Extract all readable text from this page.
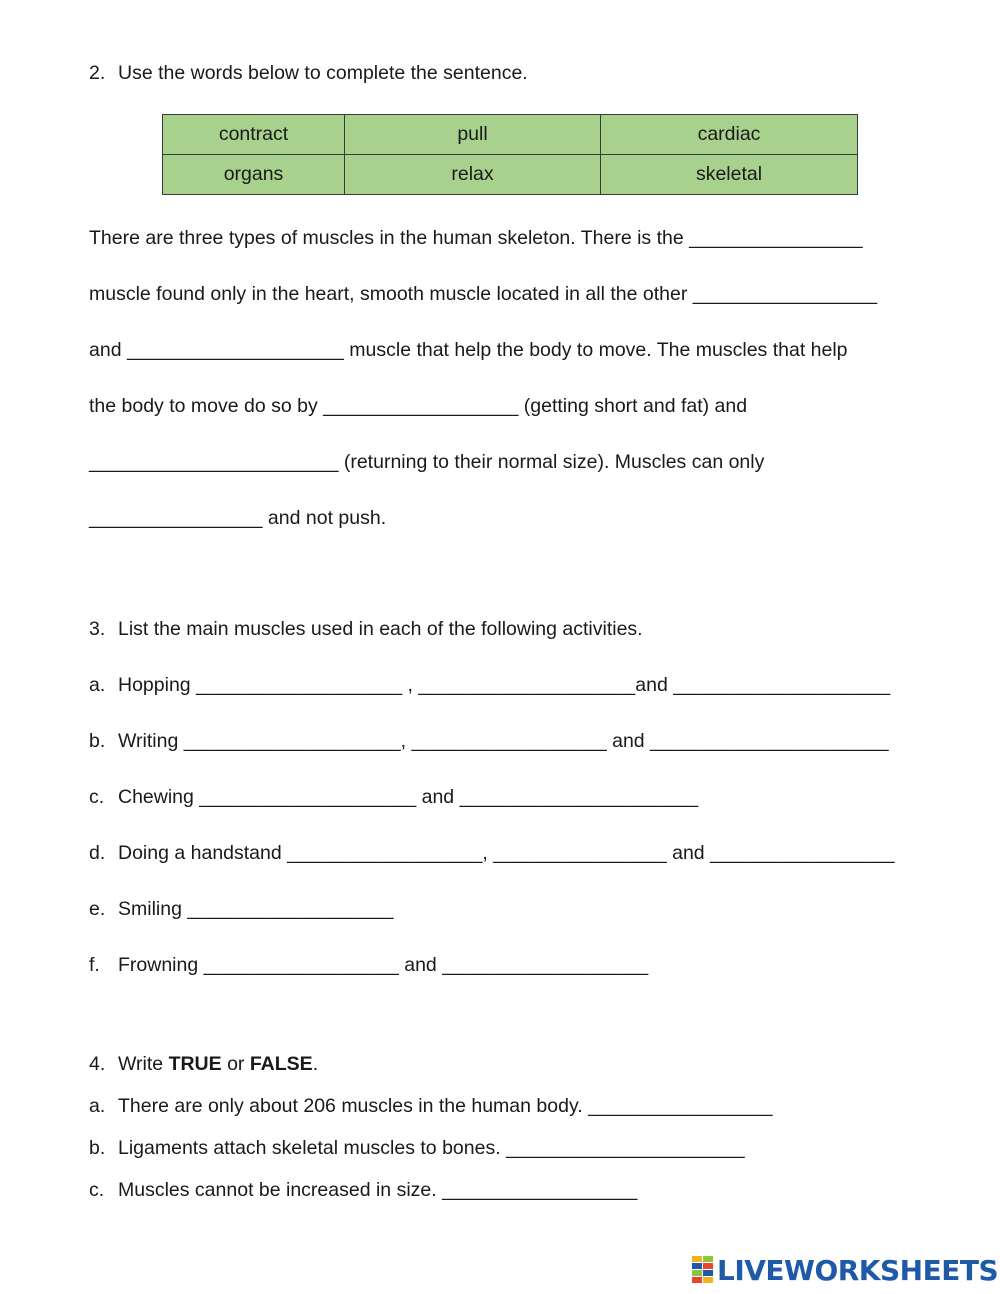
2. Use the words below to complete the sentence.
contract	pull	cardiac
organs	relax	skeletal
There are three types of muscles in the human skeleton. There is the ________________
muscle found only in the heart, smooth muscle located in all the other _________________
and ____________________ muscle that help the body to move. The muscles that help
the body to move do so by __________________ (getting short and fat) and
_______________________ (returning to their normal size). Muscles can only
________________ and not push.
3. List the main muscles used in each of the following activities.
a. Hopping ___________________ , ____________________and ____________________
b. Writing ____________________, __________________ and ______________________
c. Chewing ____________________ and ______________________
d. Doing a handstand __________________, ________________ and _________________
e. Smiling ___________________
f. Frowning __________________ and ___________________
4. Write TRUE or FALSE.
a. There are only about 206 muscles in the human body. _________________
b. Ligaments attach skeletal muscles to bones. ______________________
c. Muscles cannot be increased in size. __________________
LIVEWORKSHEETS
